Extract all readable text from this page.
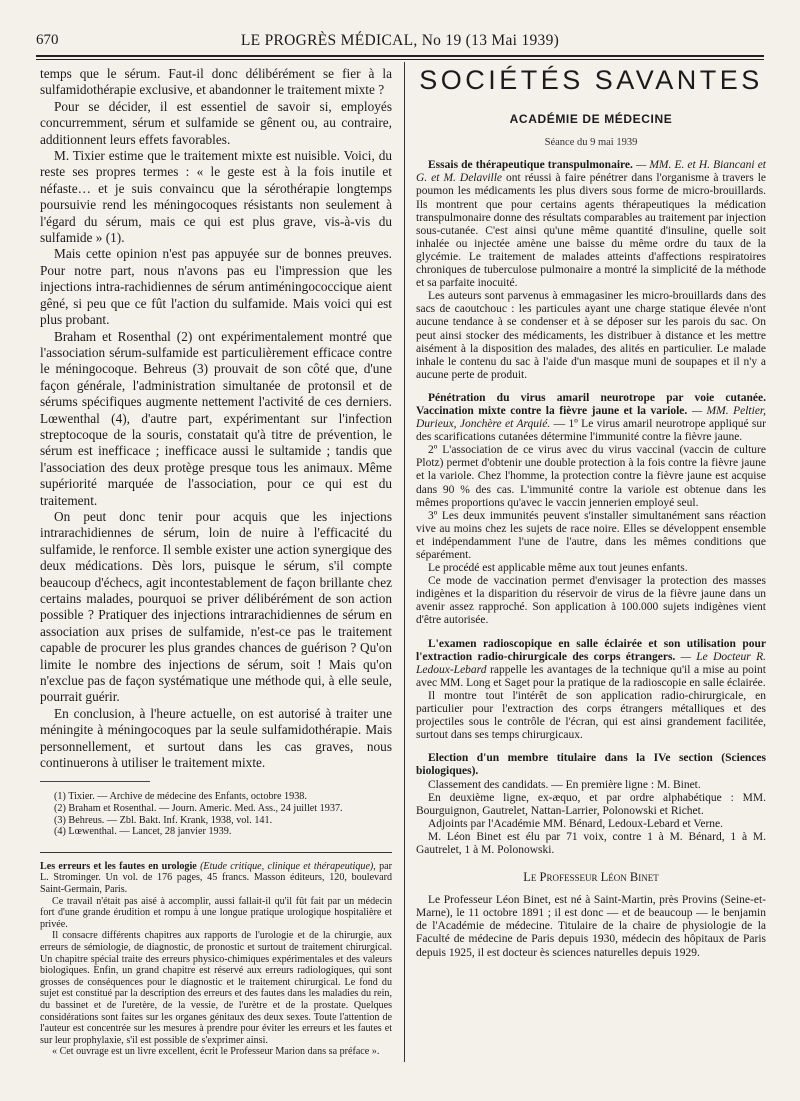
670	LE PROGRÈS MÉDICAL, No 19 (13 Mai 1939)

temps que le sérum. Faut-il donc délibérément se fier à la sulfamidothérapie exclusive, et abandonner le traitement mixte ?

Pour se décider, il est essentiel de savoir si, employés concurremment, sérum et sulfamide se gênent ou, au contraire, additionnent leurs effets favorables.

M. Tixier estime que le traitement mixte est nuisible. Voici, du reste ses propres termes : « le geste est à la fois inutile et néfaste… et je suis convaincu que la sérothérapie longtemps poursuivie rend les méningocoques résistants non seulement à l'égard du sérum, mais ce qui est plus grave, vis-à-vis du sulfamide » (1).

Mais cette opinion n'est pas appuyée sur de bonnes preuves. Pour notre part, nous n'avons pas eu l'impression que les injections intra-rachidiennes de sérum antiméningococcique aient gêné, si peu que ce fût l'action du sulfamide. Mais voici qui est plus probant.

Braham et Rosenthal (2) ont expérimentalement montré que l'association sérum-sulfamide est particulièrement efficace contre le méningocoque. Behreus (3) prouvait de son côté que, d'une façon générale, l'administration simultanée de protonsil et de sérums spécifiques augmente nettement l'activité de ces derniers. Lœwenthal (4), d'autre part, expérimentant sur l'infection streptocoque de la souris, constatait qu'à titre de prévention, le sérum est inefficace ; inefficace aussi le sultamide ; tandis que l'association des deux protège presque tous les animaux. Même supériorité marquée de l'association, pour ce qui est du traitement.

On peut donc tenir pour acquis que les injections intrarachidiennes de sérum, loin de nuire à l'efficacité du sulfamide, le renforce. Il semble exister une action synergique des deux médications. Dès lors, puisque le sérum, s'il compte beaucoup d'échecs, agit incontestablement de façon brillante chez certains malades, pourquoi se priver délibérément de son action possible ? Pratiquer des injections intrarachidiennes de sérum en association aux prises de sulfamide, n'est-ce pas le traitement capable de procurer les plus grandes chances de guérison ? Qu'on limite le nombre des injections de sérum, soit ! Mais qu'on n'exclue pas de façon systématique une méthode qui, à elle seule, pourrait guérir.

En conclusion, à l'heure actuelle, on est autorisé à traiter une méningite à méningocoques par la seule sulfamidothérapie. Mais personnellement, et surtout dans les cas graves, nous continuerons à utiliser le traitement mixte.

(1) Tixier. — Archive de médecine des Enfants, octobre 1938.

(2) Braham et Rosenthal. — Journ. Americ. Med. Ass., 24 juillet 1937.

(3) Behreus. — Zbl. Bakt. Inf. Krank, 1938, vol. 141.

(4) Lœwenthal. — Lancet, 28 janvier 1939.

Les erreurs et les fautes en urologie (Etude critique, clinique et thérapeutique), par L. Strominger. Un vol. de 176 pages, 45 francs. Masson éditeurs, 120, boulevard Saint-Germain, Paris.

Ce travail n'était pas aisé à accomplir, aussi fallait-il qu'il fût fait par un médecin fort d'une grande érudition et rompu à une longue pratique urologique hospitalière et privée.

Il consacre différents chapitres aux rapports de l'urologie et de la chirurgie, aux erreurs de sémiologie, de diagnostic, de pronostic et surtout de traitement chirurgical. Un chapitre spécial traite des erreurs physico-chimiques expérimentales et des valeurs biologiques. Enfin, un grand chapitre est réservé aux erreurs radiologiques, qui sont grosses de conséquences pour le diagnostic et le traitement chirurgical. Le fond du sujet est constitué par la description des erreurs et des fautes dans les maladies du rein, du bassinet et de l'uretère, de la vessie, de l'urètre et de la prostate. Quelques considérations sont faites sur les organes génitaux des deux sexes. Toute l'attention de l'auteur est concentrée sur les mesures à prendre pour éviter les erreurs et les fautes et sur leur prophylaxie, s'il est possible de s'exprimer ainsi.

« Cet ouvrage est un livre excellent, écrit le Professeur Marion dans sa préface ».

SOCIÉTÉS SAVANTES
ACADÉMIE DE MÉDECINE
Séance du 9 mai 1939

Essais de thérapeutique transpulmonaire. — MM. E. et H. Biancani et G. et M. Delaville ont réussi à faire pénétrer dans l'organisme à travers le poumon les médicaments les plus divers sous forme de micro-brouillards. Ils montrent que pour certains agents thérapeutiques la médication transpulmonaire donne des résultats comparables au traitement par injection sous-cutanée. C'est ainsi qu'une même quantité d'insuline, quelle soit inhalée ou injectée amène une baisse du même ordre du taux de la glycémie. Le traitement de malades atteints d'affections respiratoires chroniques de tuberculose pulmonaire a montré la simplicité de la méthode et sa parfaite inocuité.

Les auteurs sont parvenus à emmagasiner les micro-brouillards dans des sacs de caoutchouc : les particules ayant une charge statique élevée n'ont aucune tendance à se condenser et à se déposer sur les parois du sac. On peut ainsi stocker des médicaments, les distribuer à distance et les mettre aisément à la disposition des malades, des alités en particulier. Le malade inhale le contenu du sac à l'aide d'un masque muni de soupapes et il n'y a aucune perte de produit.

Pénétration du virus amaril neurotrope par voie cutanée. Vaccination mixte contre la fièvre jaune et la variole. — MM. Peltier, Durieux, Jonchère et Arquié. — 1º Le virus amaril neurotrope appliqué sur des scarifications cutanées détermine l'immunité contre la fièvre jaune.

2º L'association de ce virus avec du virus vaccinal (vaccin de culture Plotz) permet d'obtenir une double protection à la fois contre la fièvre jaune et la variole. Chez l'homme, la protection contre la fièvre jaune est acquise dans 90 % des cas. L'immunité contre la variole est obtenue dans les mêmes proportions qu'avec le vaccin jennerien employé seul.

3º Les deux immunités peuvent s'installer simultanément sans réaction vive au moins chez les sujets de race noire. Elles se développent ensemble et indépendamment l'une de l'autre, dans les mêmes conditions que séparément.

Le procédé est applicable même aux tout jeunes enfants.

Ce mode de vaccination permet d'envisager la protection des masses indigènes et la disparition du réservoir de virus de la fièvre jaune dans un avenir assez rapproché. Son application à 100.000 sujets indigènes vient d'être autorisée.

L'examen radioscopique en salle éclairée et son utilisation pour l'extraction radio-chirurgicale des corps étrangers. — Le Docteur R. Ledoux-Lebard rappelle les avantages de la technique qu'il a mise au point avec MM. Long et Saget pour la pratique de la radioscopie en salle éclairée.

Il montre tout l'intérêt de son application radio-chirurgicale, en particulier pour l'extraction des corps étrangers métalliques et des projectiles sous le contrôle de l'écran, qui est ainsi grandement facilitée, surtout dans ses temps chirurgicaux.

Election d'un membre titulaire dans la IVe section (Sciences biologiques).

Classement des candidats. — En première ligne : M. Binet.

En deuxième ligne, ex-æquo, et par ordre alphabétique : MM. Bourguignon, Gautrelet, Nattan-Larrier, Polonowski et Richet.

Adjoints par l'Académie MM. Bénard, Ledoux-Lebard et Verne.

M. Léon Binet est élu par 71 voix, contre 1 à M. Bénard, 1 à M. Gautrelet, 1 à M. Polonowski.

Le Professeur Léon Binet

Le Professeur Léon Binet, est né à Saint-Martin, près Provins (Seine-et-Marne), le 11 octobre 1891 ; il est donc — et de beaucoup — le benjamin de l'Académie de médecine. Titulaire de la chaire de physiologie de la Faculté de médecine de Paris depuis 1930, médecin des hôpitaux de Paris depuis 1925, il est docteur ès sciences naturelles depuis 1929.
